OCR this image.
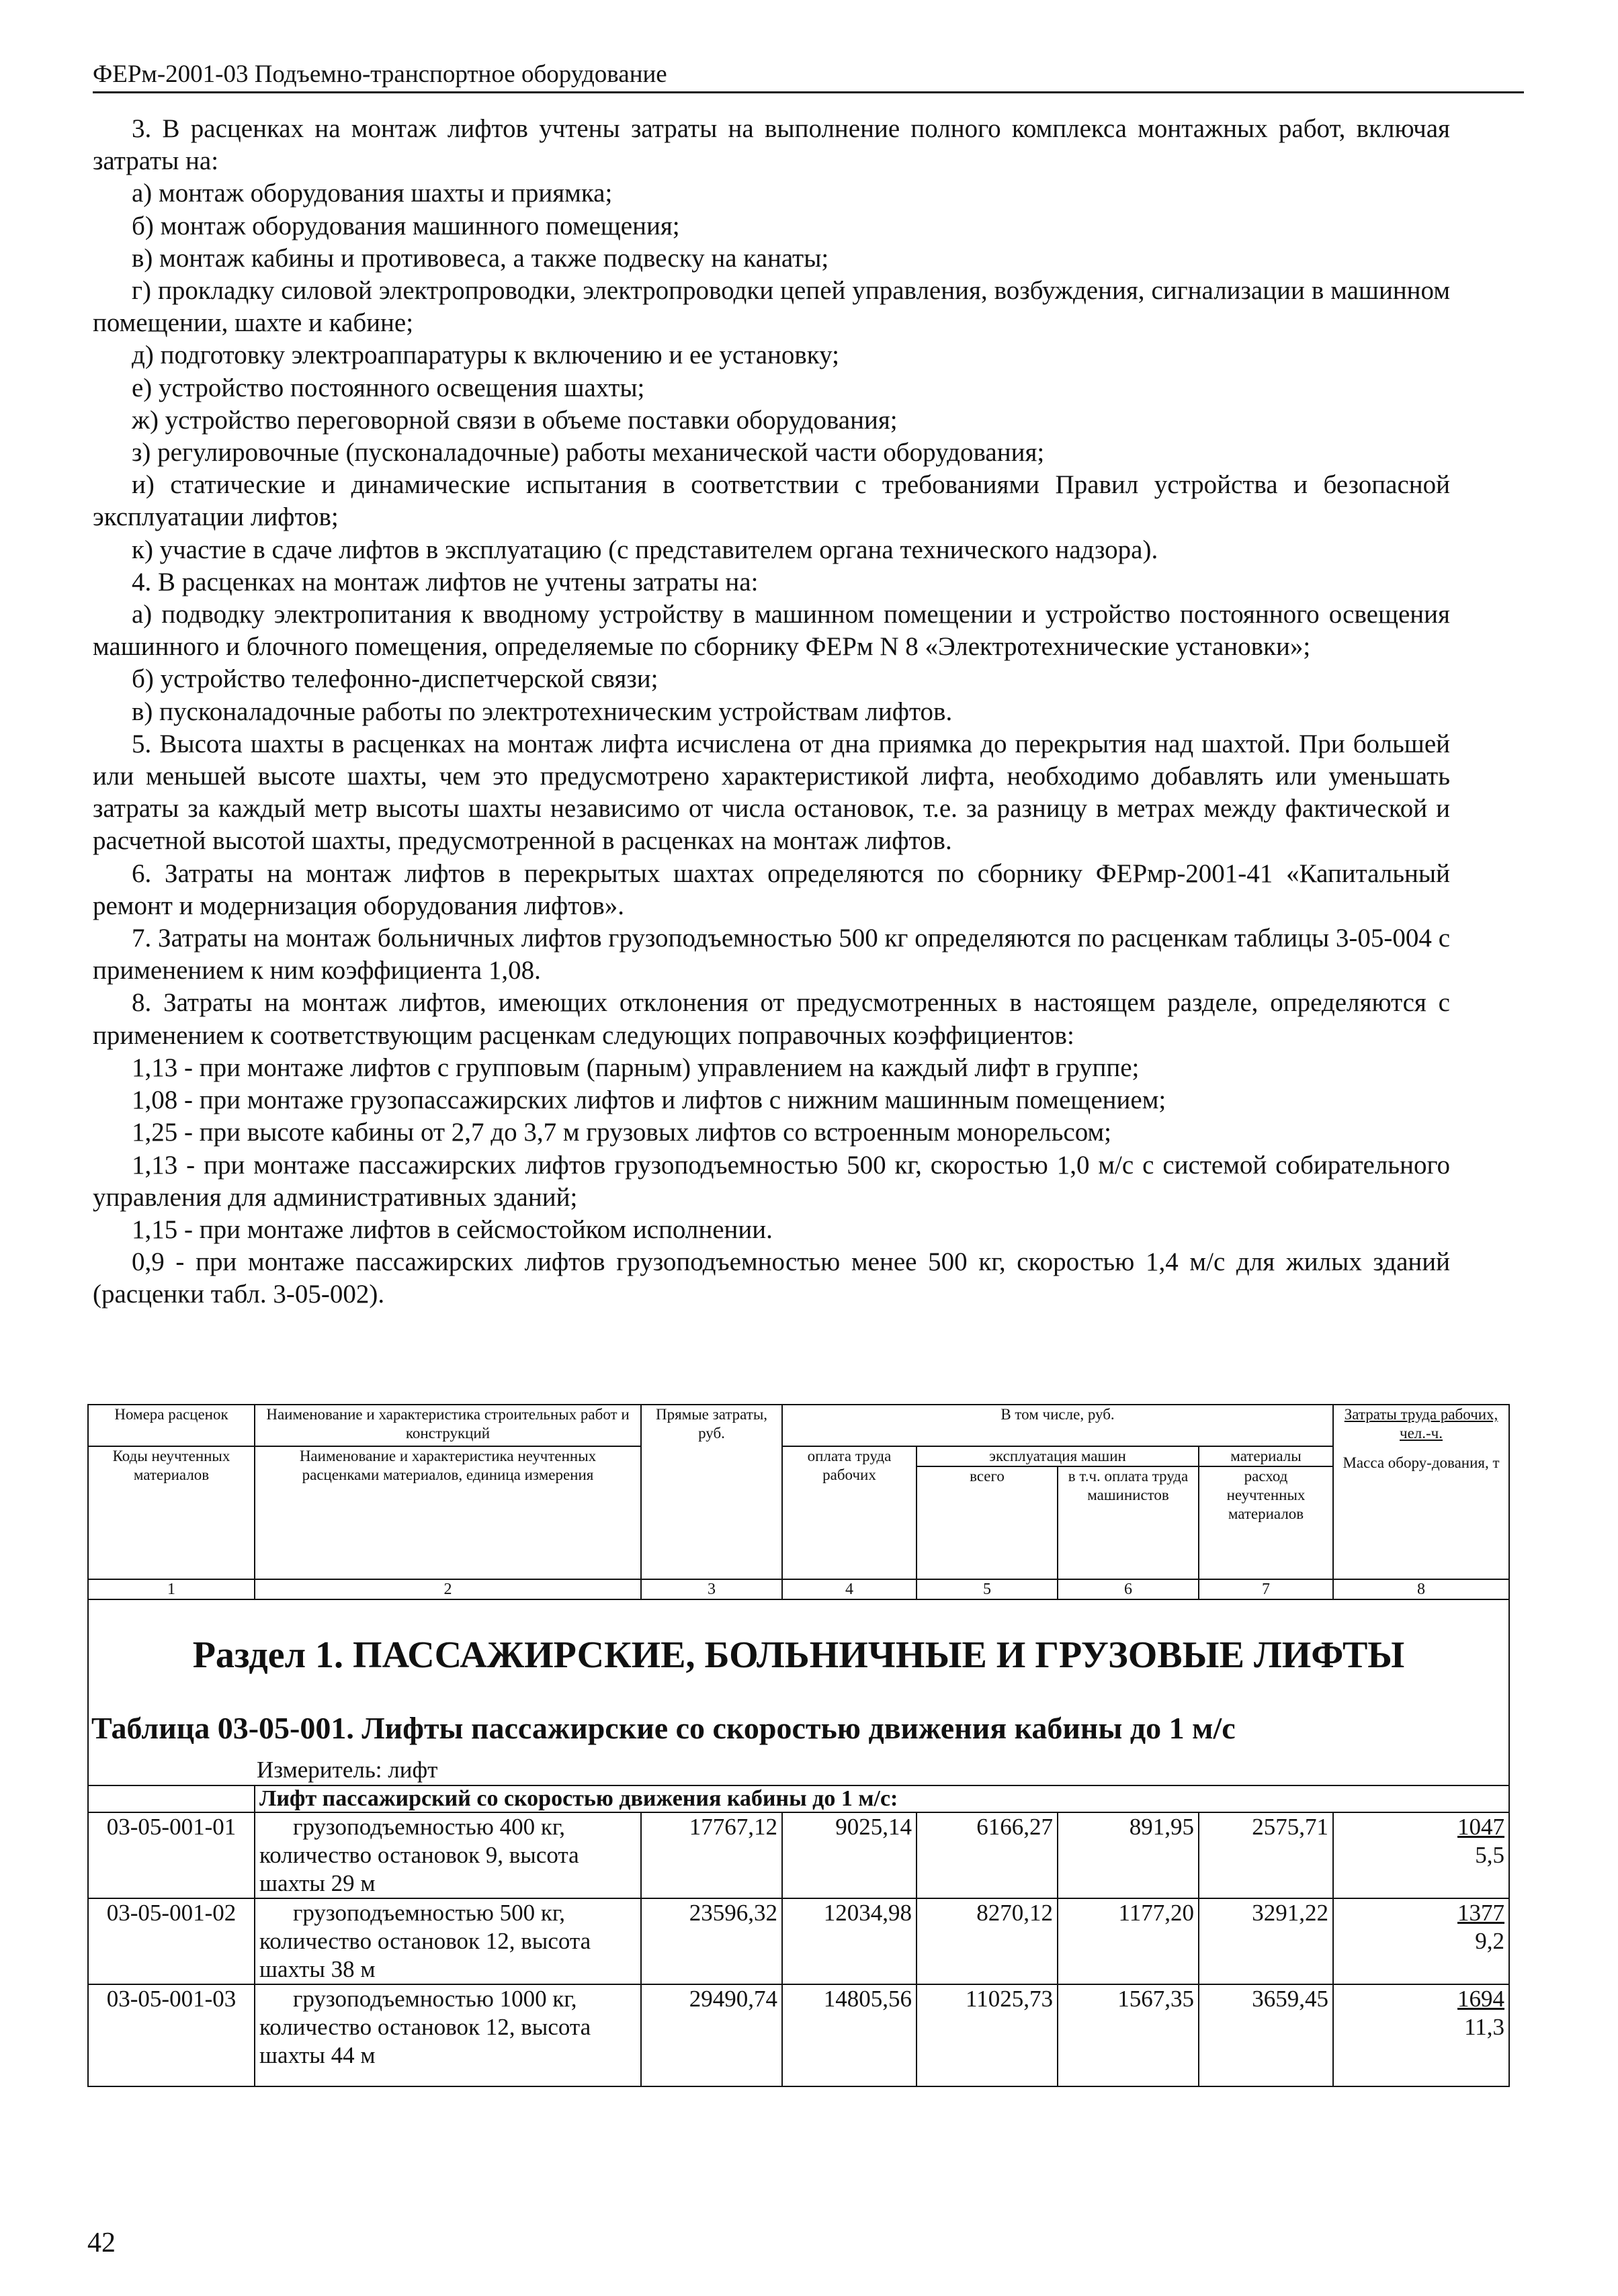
ФЕРм-2001-03 Подъемно-транспортное оборудование

3. В расценках на монтаж лифтов учтены затраты на выполнение полного комплекса монтажных работ, включая затраты на:

а) монтаж оборудования шахты и приямка;

б) монтаж оборудования машинного помещения;

в) монтаж кабины и противовеса, а также подвеску на канаты;

г) прокладку силовой электропроводки, электропроводки цепей управления, возбуждения, сигнализации в машинном помещении, шахте и кабине;

д) подготовку электроаппаратуры к включению и ее установку;

е) устройство постоянного освещения шахты;

ж) устройство переговорной связи в объеме поставки оборудования;

з) регулировочные (пусконаладочные) работы механической части оборудования;

и) статические и динамические испытания в соответствии с требованиями Правил устройства и безопасной эксплуатации лифтов;

к) участие в сдаче лифтов в эксплуатацию (с представителем органа технического надзора).

4. В расценках на монтаж лифтов не учтены затраты на:

а) подводку электропитания к вводному устройству в машинном помещении и устройство постоянного освещения машинного и блочного помещения, определяемые по сборнику ФЕРм N 8 «Электротехнические установки»;

б) устройство телефонно-диспетчерской связи;

в) пусконаладочные работы по электротехническим устройствам лифтов.

5. Высота шахты в расценках на монтаж лифта исчислена от дна приямка до перекрытия над шахтой. При большей или меньшей высоте шахты, чем это предусмотрено характеристикой лифта, необходимо добавлять или уменьшать затраты за каждый метр высоты шахты независимо от числа остановок, т.е. за разницу в метрах между фактической и расчетной высотой шахты, предусмотренной в расценках на монтаж лифтов.

6. Затраты на монтаж лифтов в перекрытых шахтах определяются по сборнику ФЕРмр-2001-41 «Капитальный ремонт и модернизация оборудования лифтов».

7. Затраты на монтаж больничных лифтов грузоподъемностью 500 кг определяются по расценкам таблицы 3-05-004 с применением к ним коэффициента 1,08.

8. Затраты на монтаж лифтов, имеющих отклонения от предусмотренных в настоящем разделе, определяются с применением к соответствующим расценкам следующих поправочных коэффициентов:

1,13 - при монтаже лифтов с групповым (парным) управлением на каждый лифт в группе;

1,08 - при монтаже грузопассажирских лифтов и лифтов с нижним машинным помещением;

1,25 - при высоте кабины от 2,7 до 3,7 м грузовых лифтов со встроенным монорельсом;

1,13 - при монтаже пассажирских лифтов грузоподъемностью 500 кг, скоростью 1,0 м/с с системой собирательного управления для административных зданий;

1,15 - при монтаже лифтов в сейсмостойком исполнении.

0,9 - при монтаже пассажирских лифтов грузоподъемностью менее 500 кг, скоростью 1,4 м/с для жилых зданий (расценки табл. 3-05-002).

Номера расценок	Наименование и характеристика строительных работ и конструкций	Прямые затраты, руб.	В том числе, руб.				Затраты труда рабочих, чел.-ч.
Масса обору-дования, т

Коды неучтенных материалов	Наименование и характеристика неучтенных расценками материалов, единица измерения		оплата труда рабочих	эксплуатация машин		материалы	
				всего	в т.ч. оплата труда машинистов	расход неучтенных материалов	
1	2	3	4	5	6	7	8

Раздел 1. ПАССАЖИРСКИЕ, БОЛЬНИЧНЫЕ И ГРУЗОВЫЕ ЛИФТЫ
Таблица 03-05-001. Лифты пассажирские со скоростью движения кабины до 1 м/с
Измеритель: лифт							

	Лифт пассажирский со скоростью движения кабины до 1 м/с:						
03-05-001-01	грузоподъемностью 400 кг, количество остановок 9, высота шахты 29 м	17767,12	9025,14	6166,27	891,95	2575,71	1047
5,5

03-05-001-02	грузоподъемностью 500 кг, количество остановок 12, высота шахты 38 м	23596,32	12034,98	8270,12	1177,20	3291,22	1377
9,2

03-05-001-03	грузоподъемностью 1000 кг, количество остановок 12, высота шахты 44 м	29490,74	14805,56	11025,73	1567,35	3659,45	1694
11,3
42
